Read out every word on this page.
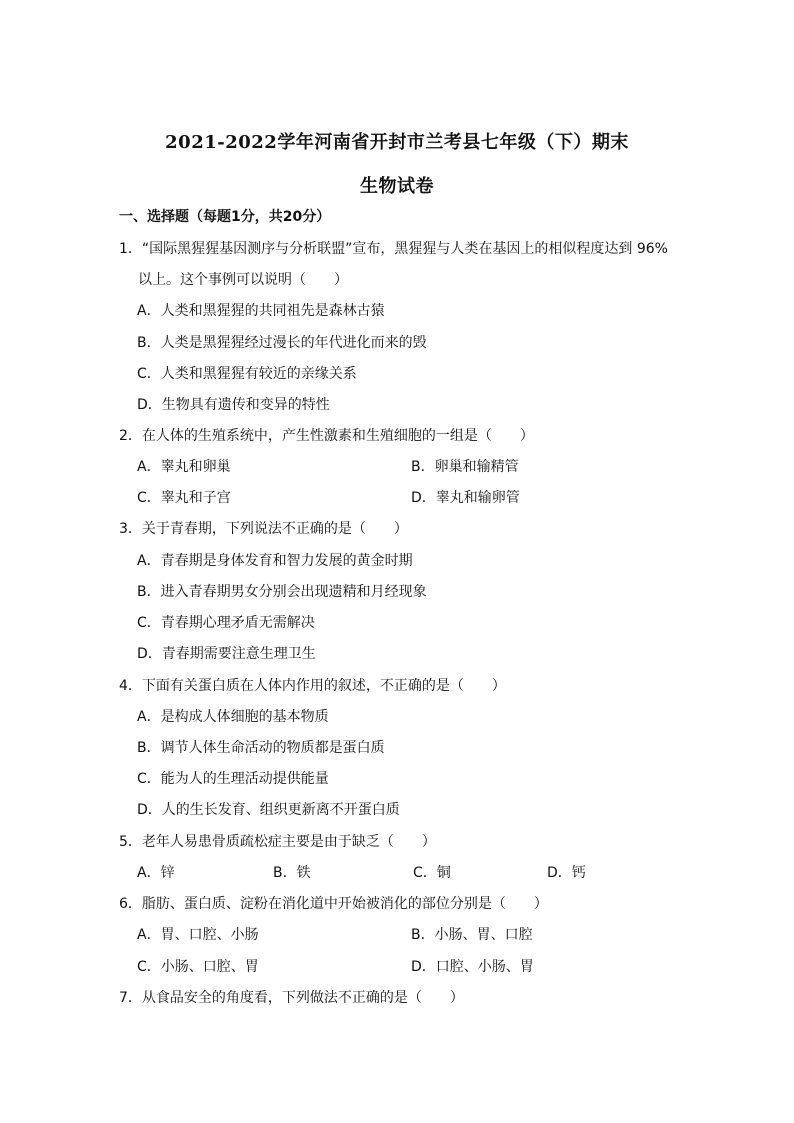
2021-2022学年河南省开封市兰考县七年级（下）期末
生物试卷
一、选择题（每题1分，共20分）
1．“国际黑猩猩基因测序与分析联盟”宣布，黑猩猩与人类在基因上的相似程度达到 96%
以上。这个事例可以说明（　　）
A．人类和黑猩猩的共同祖先是森林古猿
B．人类是黑猩猩经过漫长的年代进化而来的毁
C．人类和黑猩猩有较近的亲缘关系
D．生物具有遗传和变异的特性
2．在人体的生殖系统中，产生性激素和生殖细胞的一组是（　　）
A．睾丸和卵巢	B．卵巢和输精管
C．睾丸和子宫	D．睾丸和输卵管
3．关于青春期，下列说法不正确的是（　　）
A．青春期是身体发育和智力发展的黄金时期
B．进入青春期男女分别会出现遗精和月经现象
C．青春期心理矛盾无需解决
D．青春期需要注意生理卫生
4．下面有关蛋白质在人体内作用的叙述，不正确的是（　　）
A．是构成人体细胞的基本物质
B．调节人体生命活动的物质都是蛋白质
C．能为人的生理活动提供能量
D．人的生长发育、组织更新离不开蛋白质
5．老年人易患骨质疏松症主要是由于缺乏（　　）
A．锌	B．铁	C．铜	D．钙
6．脂肪、蛋白质、淀粉在消化道中开始被消化的部位分别是（　　）
A．胃、口腔、小肠	B．小肠、胃、口腔
C．小肠、口腔、胃	D．口腔、小肠、胃
7．从食品安全的角度看，下列做法不正确的是（　　）
